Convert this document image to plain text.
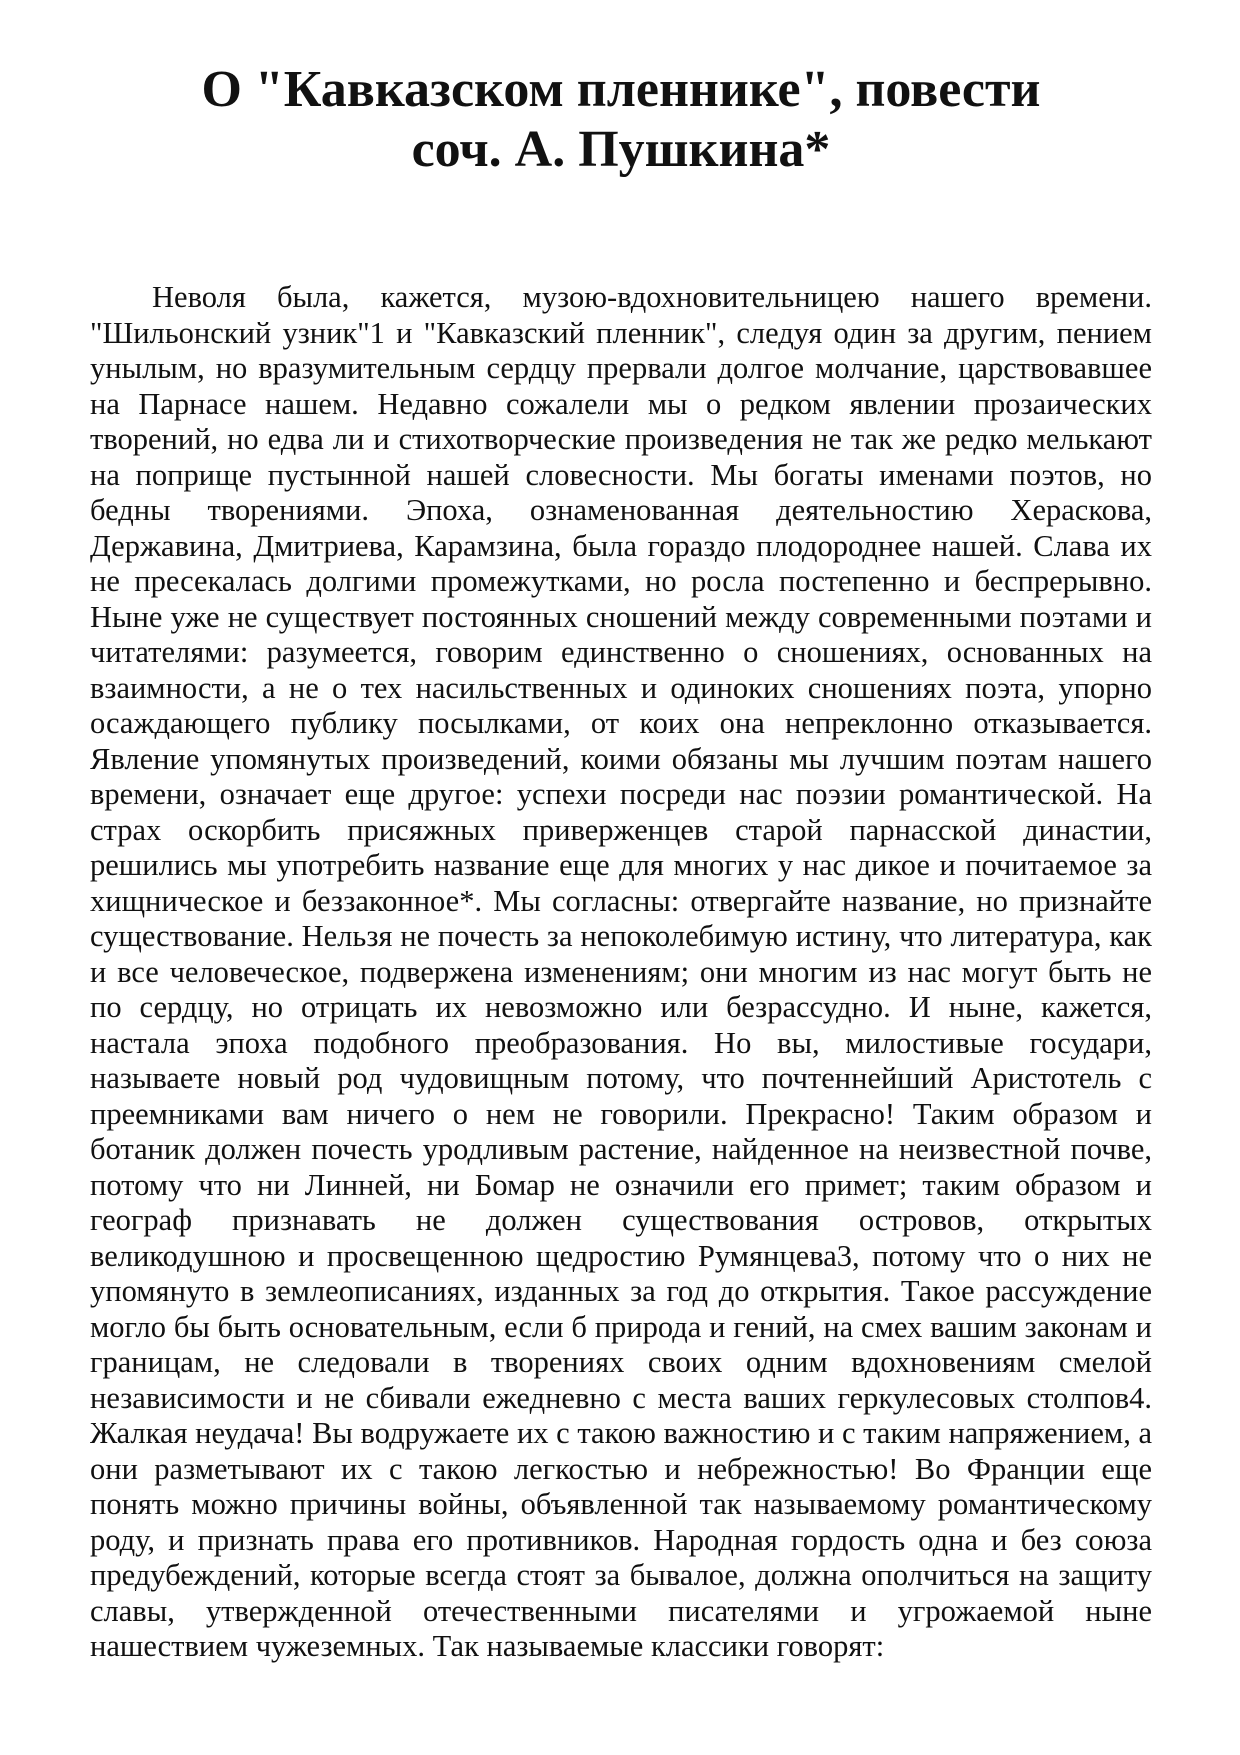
О "Кавказском пленнике", повести
соч. А. Пушкина*

Неволя была, кажется, музою-вдохновительницею нашего времени. "Шильонский узник"1 и "Кавказский пленник", следуя один за другим, пением унылым, но вразумительным сердцу прервали долгое молчание, царствовавшее на Парнасе нашем. Недавно сожалели мы о редком явлении прозаических творений, но едва ли и стихотворческие произведения не так же редко мелькают на поприще пустынной нашей словесности. Мы богаты именами поэтов, но бедны творениями. Эпоха, ознаменованная деятельностию Хераскова, Державина, Дмитриева, Карамзина, была гораздо плодороднее нашей. Слава их не пресекалась долгими промежутками, но росла постепенно и беспрерывно. Ныне уже не существует постоянных сношений между современными поэтами и читателями: разумеется, говорим единственно о сношениях, основанных на взаимности, а не о тех насильственных и одиноких сношениях поэта, упорно осаждающего публику посылками, от коих она непреклонно отказывается. Явление упомянутых произведений, коими обязаны мы лучшим поэтам нашего времени, означает еще другое: успехи посреди нас поэзии романтической. На страх оскорбить присяжных приверженцев старой парнасской династии, решились мы употребить название еще для многих у нас дикое и почитаемое за хищническое и беззаконное*. Мы согласны: отвергайте название, но признайте существование. Нельзя не почесть за непоколебимую истину, что литература, как и все человеческое, подвержена изменениям; они многим из нас могут быть не по сердцу, но отрицать их невозможно или безрассудно. И ныне, кажется, настала эпоха подобного преобразования. Но вы, милостивые государи, называете новый род чудовищным потому, что почтеннейший Аристотель с преемниками вам ничего о нем не говорили. Прекрасно! Таким образом и ботаник должен почесть уродливым растение, найденное на неизвестной почве, потому что ни Линней, ни Бомар не означили его примет; таким образом и географ признавать не должен существования островов, открытых великодушною и просвещенною щедростию Румянцева3, потому что о них не упомянуто в землеописаниях, изданных за год до открытия. Такое рассуждение могло бы быть основательным, если б природа и гений, на смех вашим законам и границам, не следовали в творениях своих одним вдохновениям смелой независимости и не сбивали ежедневно с места ваших геркулесовых столпов4. Жалкая неудача! Вы водружаете их с такою важностию и с таким напряжением, а они разметывают их с такою легкостью и небрежностью! Во Франции еще понять можно причины войны, объявленной так называемому романтическому роду, и признать права его противников. Народная гордость одна и без союза предубеждений, которые всегда стоят за бывалое, должна ополчиться на защиту славы, утвержденной отечественными писателями и угрожаемой ныне нашествием чужеземных. Так называемые классики говорят:
